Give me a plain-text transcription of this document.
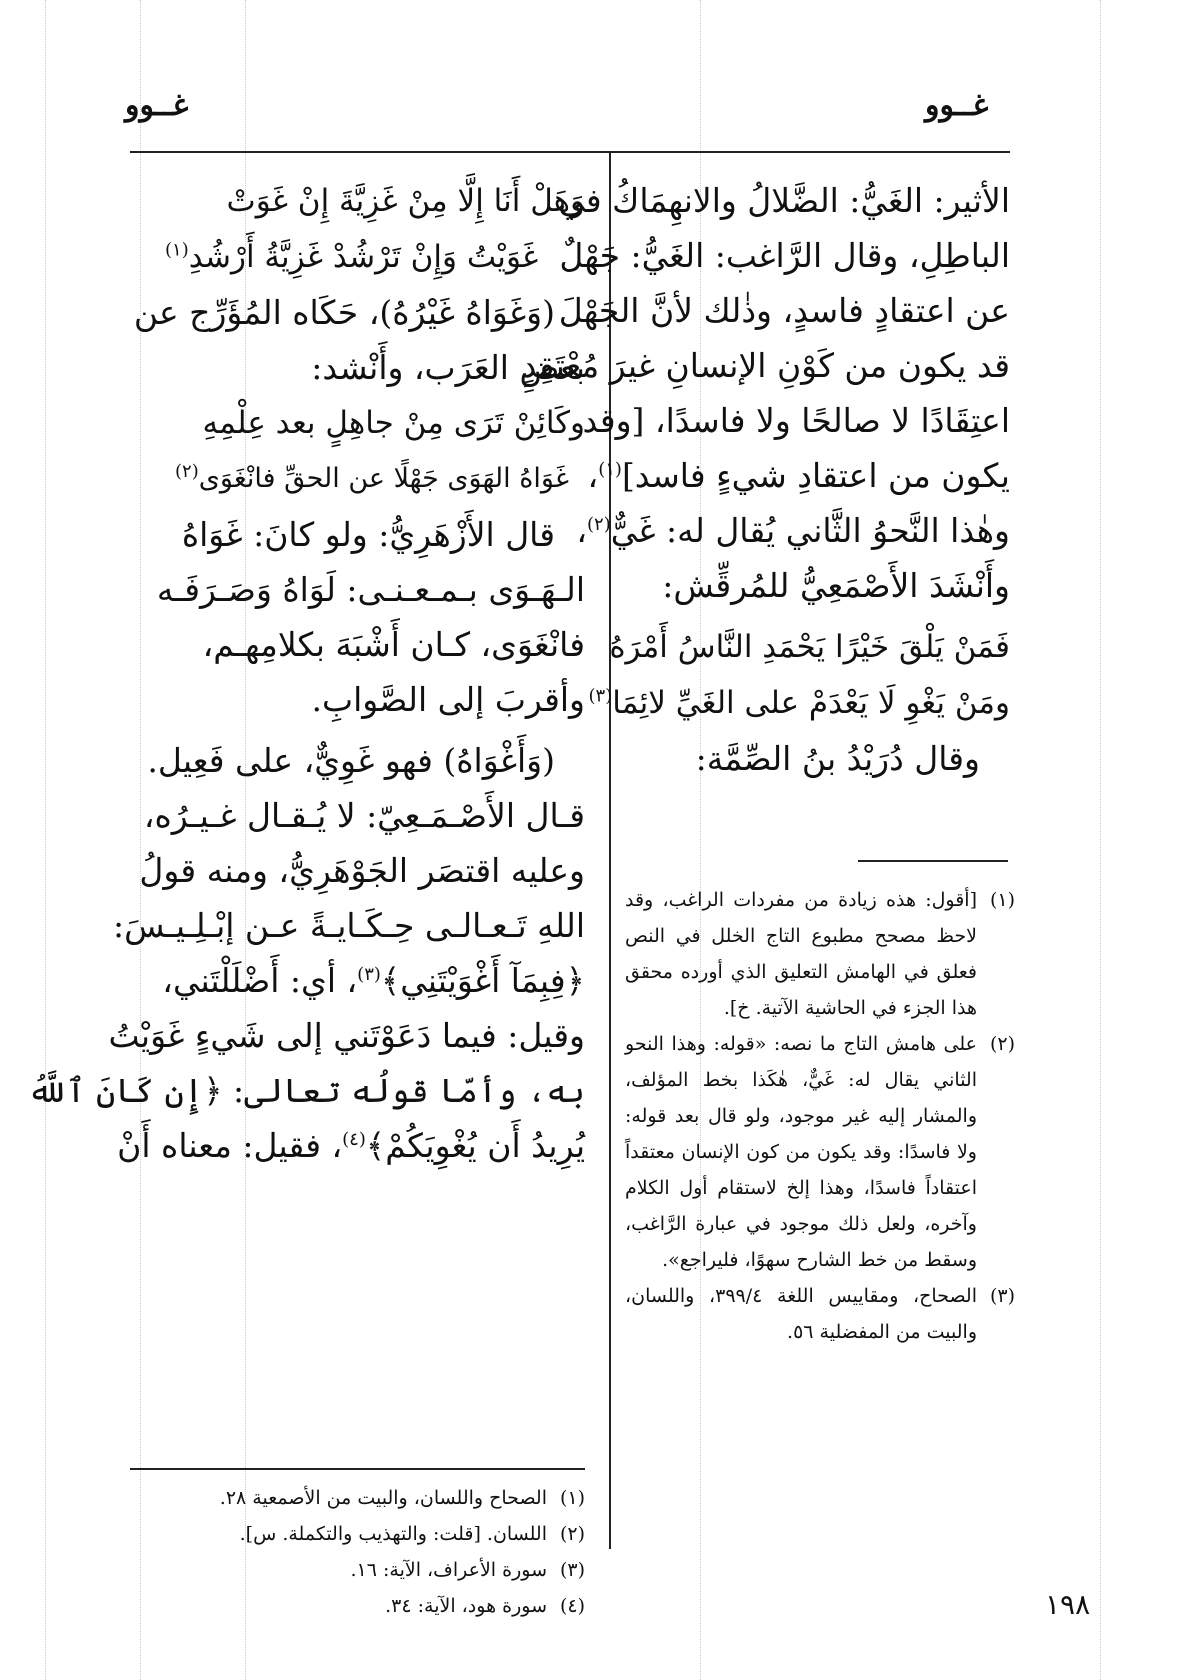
غــوو	غــوو
الأثير: الغَيُّ: الضَّلالُ والانهِمَاكُ في
الباطِلِ، وقال الرَّاغب: الغَيُّ: جَهْلٌ
عن اعتقادٍ فاسدٍ، وذٰلك لأنَّ الجَهْلَ
قد يكون من كَوْنِ الإنسانِ غيرَ مُعْتَقِدٍ
اعتِقَادًا لا صالحًا ولا فاسدًا، [وقد
يكون من اعتقادِ شيءٍ فاسد]$^{(١)}$،
وهٰذا النَّحوُ الثَّاني يُقال له: غَيٌّ$^{(٢)}$،
وأَنْشَدَ الأَصْمَعِيُّ للمُرقِّش:
فَمَنْ يَلْقَ خَيْرًا يَحْمَدِ النَّاسُ أَمْرَهُ
ومَنْ يَغْوِ لَا يَعْدَمْ على الغَيِّ لائِمَا$^{(٣)}$
وقال دُرَيْدُ بنُ الصِّمَّة:
(١)
[أقول: هذه زيادة من مفردات الراغب، وقد لاحظ مصحح مطبوع التاج الخلل في النص فعلق في الهامش التعليق الذي أورده محقق هذا الجزء في الحاشية الآتية. خ].
(٢)
على هامش التاج ما نصه: «قوله: وهذا النحو الثاني يقال له: غَيٌّ، هٰكَذا بخط المؤلف، والمشار إليه غير موجود، ولو قال بعد قوله: ولا فاسدًا: وقد يكون من كون الإنسان معتقداً اعتقاداً فاسدًا، وهذا إلخ لاستقام أول الكلام وآخره، ولعل ذلك موجود في عبارة الرَّاغب، وسقط من خط الشارح سهوًا، فليراجع».
(٣)
الصحاح، ومقاييس اللغة ٣٩٩/٤، واللسان، والبيت من المفضلية ٥٦.
وَهَلْ أَنَا إِلَّا مِنْ غَزِيَّةَ إِنْ غَوَتْ
غَوَيْتُ وَإِنْ تَرْشُدْ غَزِيَّةُ أَرْشُدِ$^{(١)}$
(وَغَوَاهُ غَيْرُهُ)، حَكَاه المُؤَرِّج عن
بعضِ العَرَب، وأَنْشد:
وكَائِنْ تَرَى مِنْ جاهِلٍ بعد عِلْمِهِ
غَوَاهُ الهَوَى جَهْلًا عن الحقِّ فانْغَوَى$^{(٢)}$
قال الأَزْهَرِيُّ: ولو كانَ: غَوَاهُ
الـهَـوَى بـمـعـنـى: لَوَاهُ وَصَـرَفَـه
فانْغَوَى، كـان أَشْبَهَ بكلامِهـم،
وأقربَ إلى الصَّوابِ.
(وَأَغْوَاهُ) فهو غَوِيٌّ، على فَعِيل.
قـال الأَصْـمَـعِيّ: لا يُـقـال غـيـرُه،
وعليه اقتصَر الجَوْهَرِيُّ، ومنه قولُ
اللهِ تَـعـالـى حِـكَـايـةً عـن إبْـلِـيـسَ:
﴿فِبِمَآ أَغْوَيْتَنِي﴾$^{(٣)}$، أي: أَضْلَلْتَني،
وقيل: فيما دَعَوْتَني إلى شَيءٍ غَوَيْتُ
به، وأمّا قولُه تعالى: ﴿إِن كَانَ ٱللَّهُ
يُرِيدُ أَن يُغْوِيَكُمْ﴾$^{(٤)}$، فقيل: معناه أَنْ
(١)
الصحاح واللسان، والبيت من الأصمعية ٢٨.
(٢)
اللسان. [قلت: والتهذيب والتكملة. س].
(٣)
سورة الأعراف، الآية: ١٦.
(٤)
سورة هود، الآية: ٣٤.	١٩٨
